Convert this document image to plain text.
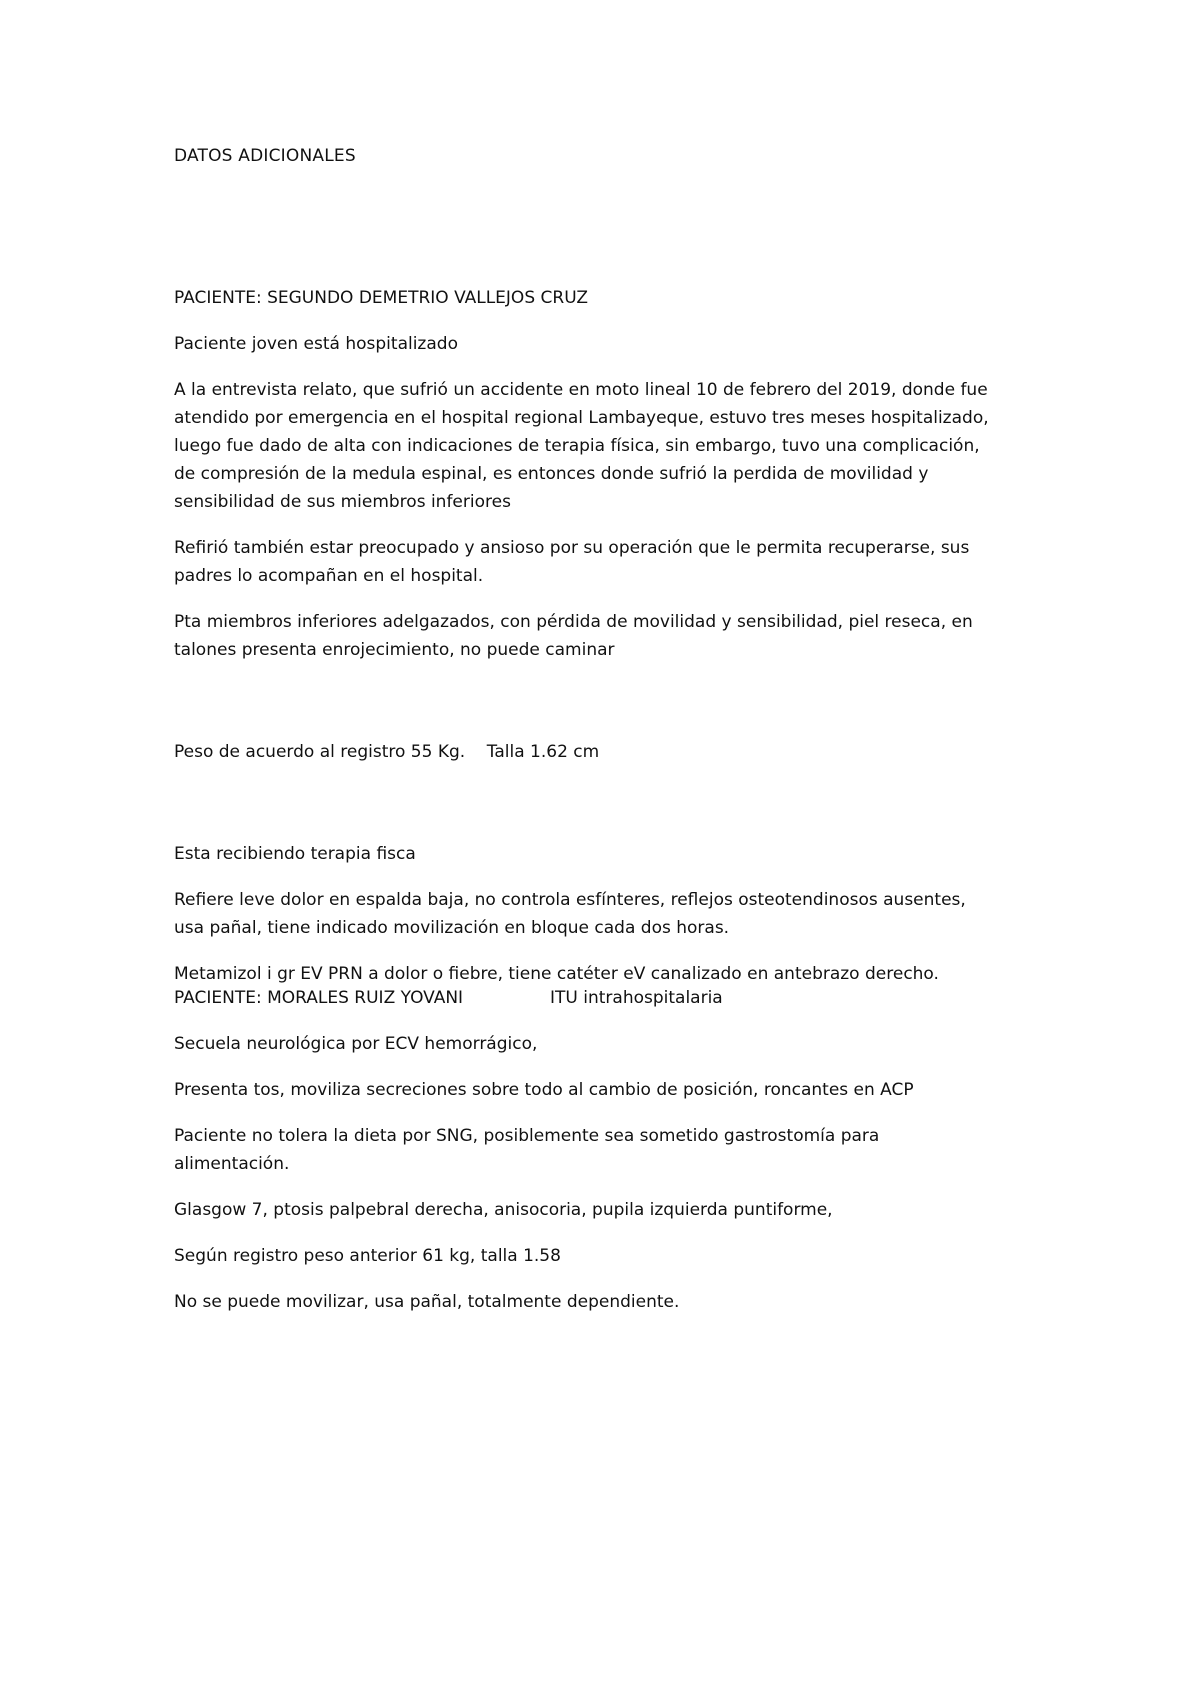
DATOS ADICIONALES

PACIENTE: SEGUNDO DEMETRIO VALLEJOS CRUZ

Paciente joven está hospitalizado

A la entrevista relato, que sufrió un accidente en moto lineal 10 de febrero del 2019, donde fue
atendido por emergencia en el hospital regional Lambayeque, estuvo tres meses hospitalizado,
luego fue dado de alta con indicaciones de terapia física, sin embargo, tuvo una complicación,
de compresión de la medula espinal, es entonces donde sufrió la perdida de movilidad y
sensibilidad de sus miembros inferiores

Refirió también estar preocupado y ansioso por su operación que le permita recuperarse, sus
padres lo acompañan en el hospital.

Pta miembros inferiores adelgazados, con pérdida de movilidad y sensibilidad, piel reseca, en
talones presenta enrojecimiento, no puede caminar

Peso de acuerdo al registro 55 Kg.    Talla 1.62 cm

Esta recibiendo terapia fisca

Refiere leve dolor en espalda baja, no controla esfínteres, reflejos osteotendinosos ausentes,
usa pañal, tiene indicado movilización en bloque cada dos horas.

Metamizol i gr EV PRN a dolor o fiebre, tiene catéter eV canalizado en antebrazo derecho.

PACIENTE: MORALES RUIZ YOVANI	ITU intrahospitalaria

Secuela neurológica por ECV hemorrágico,

Presenta tos, moviliza secreciones sobre todo al cambio de posición, roncantes en ACP

Paciente no tolera la dieta por SNG, posiblemente sea sometido gastrostomía para
alimentación.

Glasgow 7, ptosis palpebral derecha, anisocoria, pupila izquierda puntiforme,

Según registro peso anterior 61 kg, talla 1.58

No se puede movilizar, usa pañal, totalmente dependiente.
